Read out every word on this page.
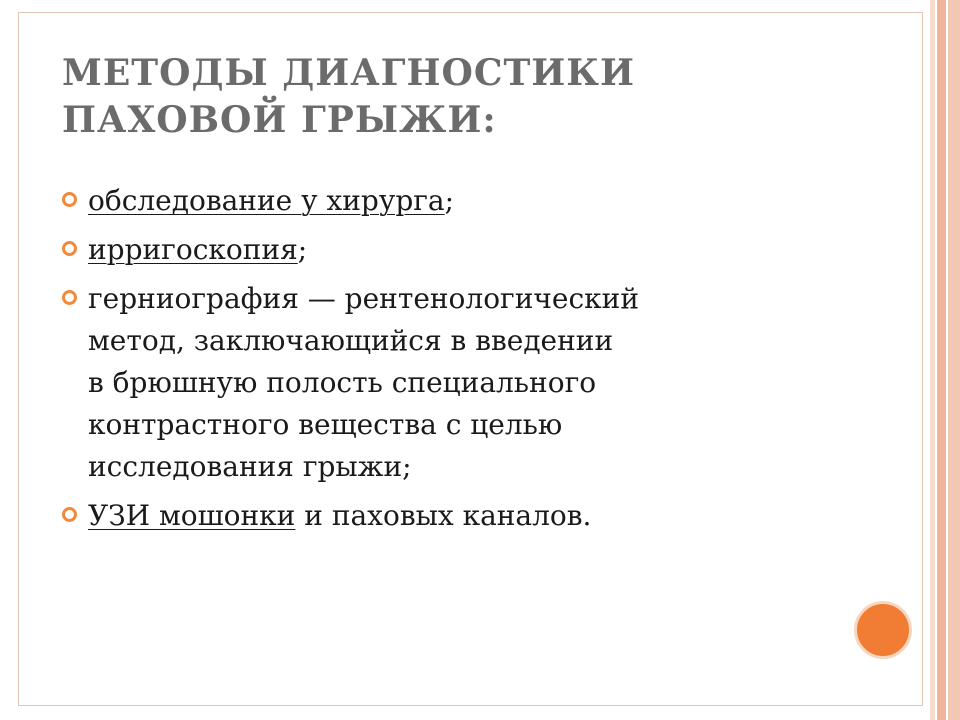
МЕТОДЫ ДИАГНОСТИКИ
ПАХОВОЙ ГРЫЖИ:
обследование у хирурга;
ирригоскопия;
герниография — рентенологический
метод, заключающийся в введении
в брюшную полость специального
контрастного вещества с целью
исследования грыжи;
УЗИ мошонки и паховых каналов.
